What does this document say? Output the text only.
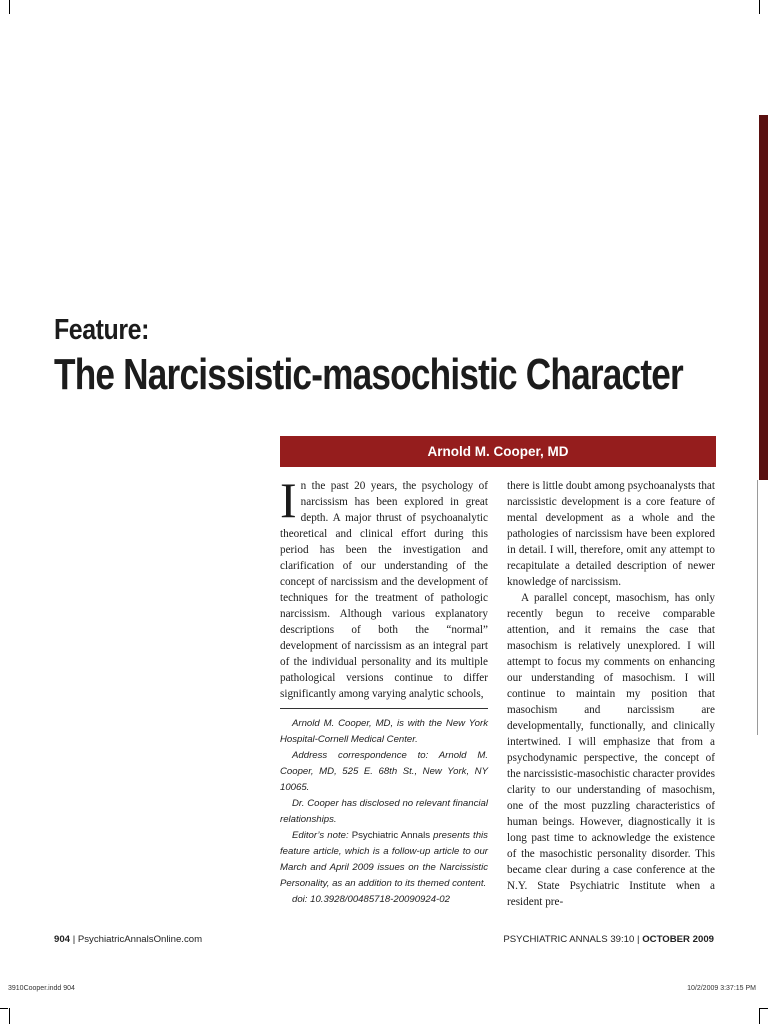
Feature:
The Narcissistic-masochistic Character
Arnold M. Cooper, MD

In the past 20 years, the psychology of narcissism has been explored in great depth. A major thrust of psychoanalytic theoretical and clinical effort during this period has been the investigation and clarification of our understanding of the concept of narcissism and the development of techniques for the treatment of pathologic narcissism. Although various explanatory descriptions of both the “normal” development of narcissism as an integral part of the individual personality and its multiple pathological versions continue to differ significantly among varying analytic schools,

Arnold M. Cooper, MD, is with the New York Hospital-Cornell Medical Center.

Address correspondence to: Arnold M. Cooper, MD, 525 E. 68th St., New York, NY 10065.

Dr. Cooper has disclosed no relevant financial relationships.

Editor’s note: Psychiatric Annals presents this feature article, which is a follow-up article to our March and April 2009 issues on the Narcissistic Personality, as an addition to its themed content.

doi: 10.3928/00485718-20090924-02

there is little doubt among psychoanalysts that narcissistic development is a core feature of mental development as a whole and the pathologies of narcissism have been explored in detail. I will, therefore, omit any attempt to recapitulate a detailed description of newer knowledge of narcissism.

A parallel concept, masochism, has only recently begun to receive comparable attention, and it remains the case that masochism is relatively unexplored. I will attempt to focus my comments on enhancing our understanding of masochism. I will continue to maintain my position that masochism and narcissism are developmentally, functionally, and clinically intertwined. I will emphasize that from a psychodynamic perspective, the concept of the narcissistic-masochistic character provides clarity to our understanding of masochism, one of the most puzzling characteristics of human beings. However, diagnostically it is long past time to acknowledge the existence of the masochistic personality disorder. This became clear during a case conference at the N.Y. State Psychiatric Institute when a resident pre-

904 | PsychiatricAnnalsOnline.com	PSYCHIATRIC ANNALS 39:10 | OCTOBER 2009
3910Cooper.indd 904	10/2/2009 3:37:15 PM
